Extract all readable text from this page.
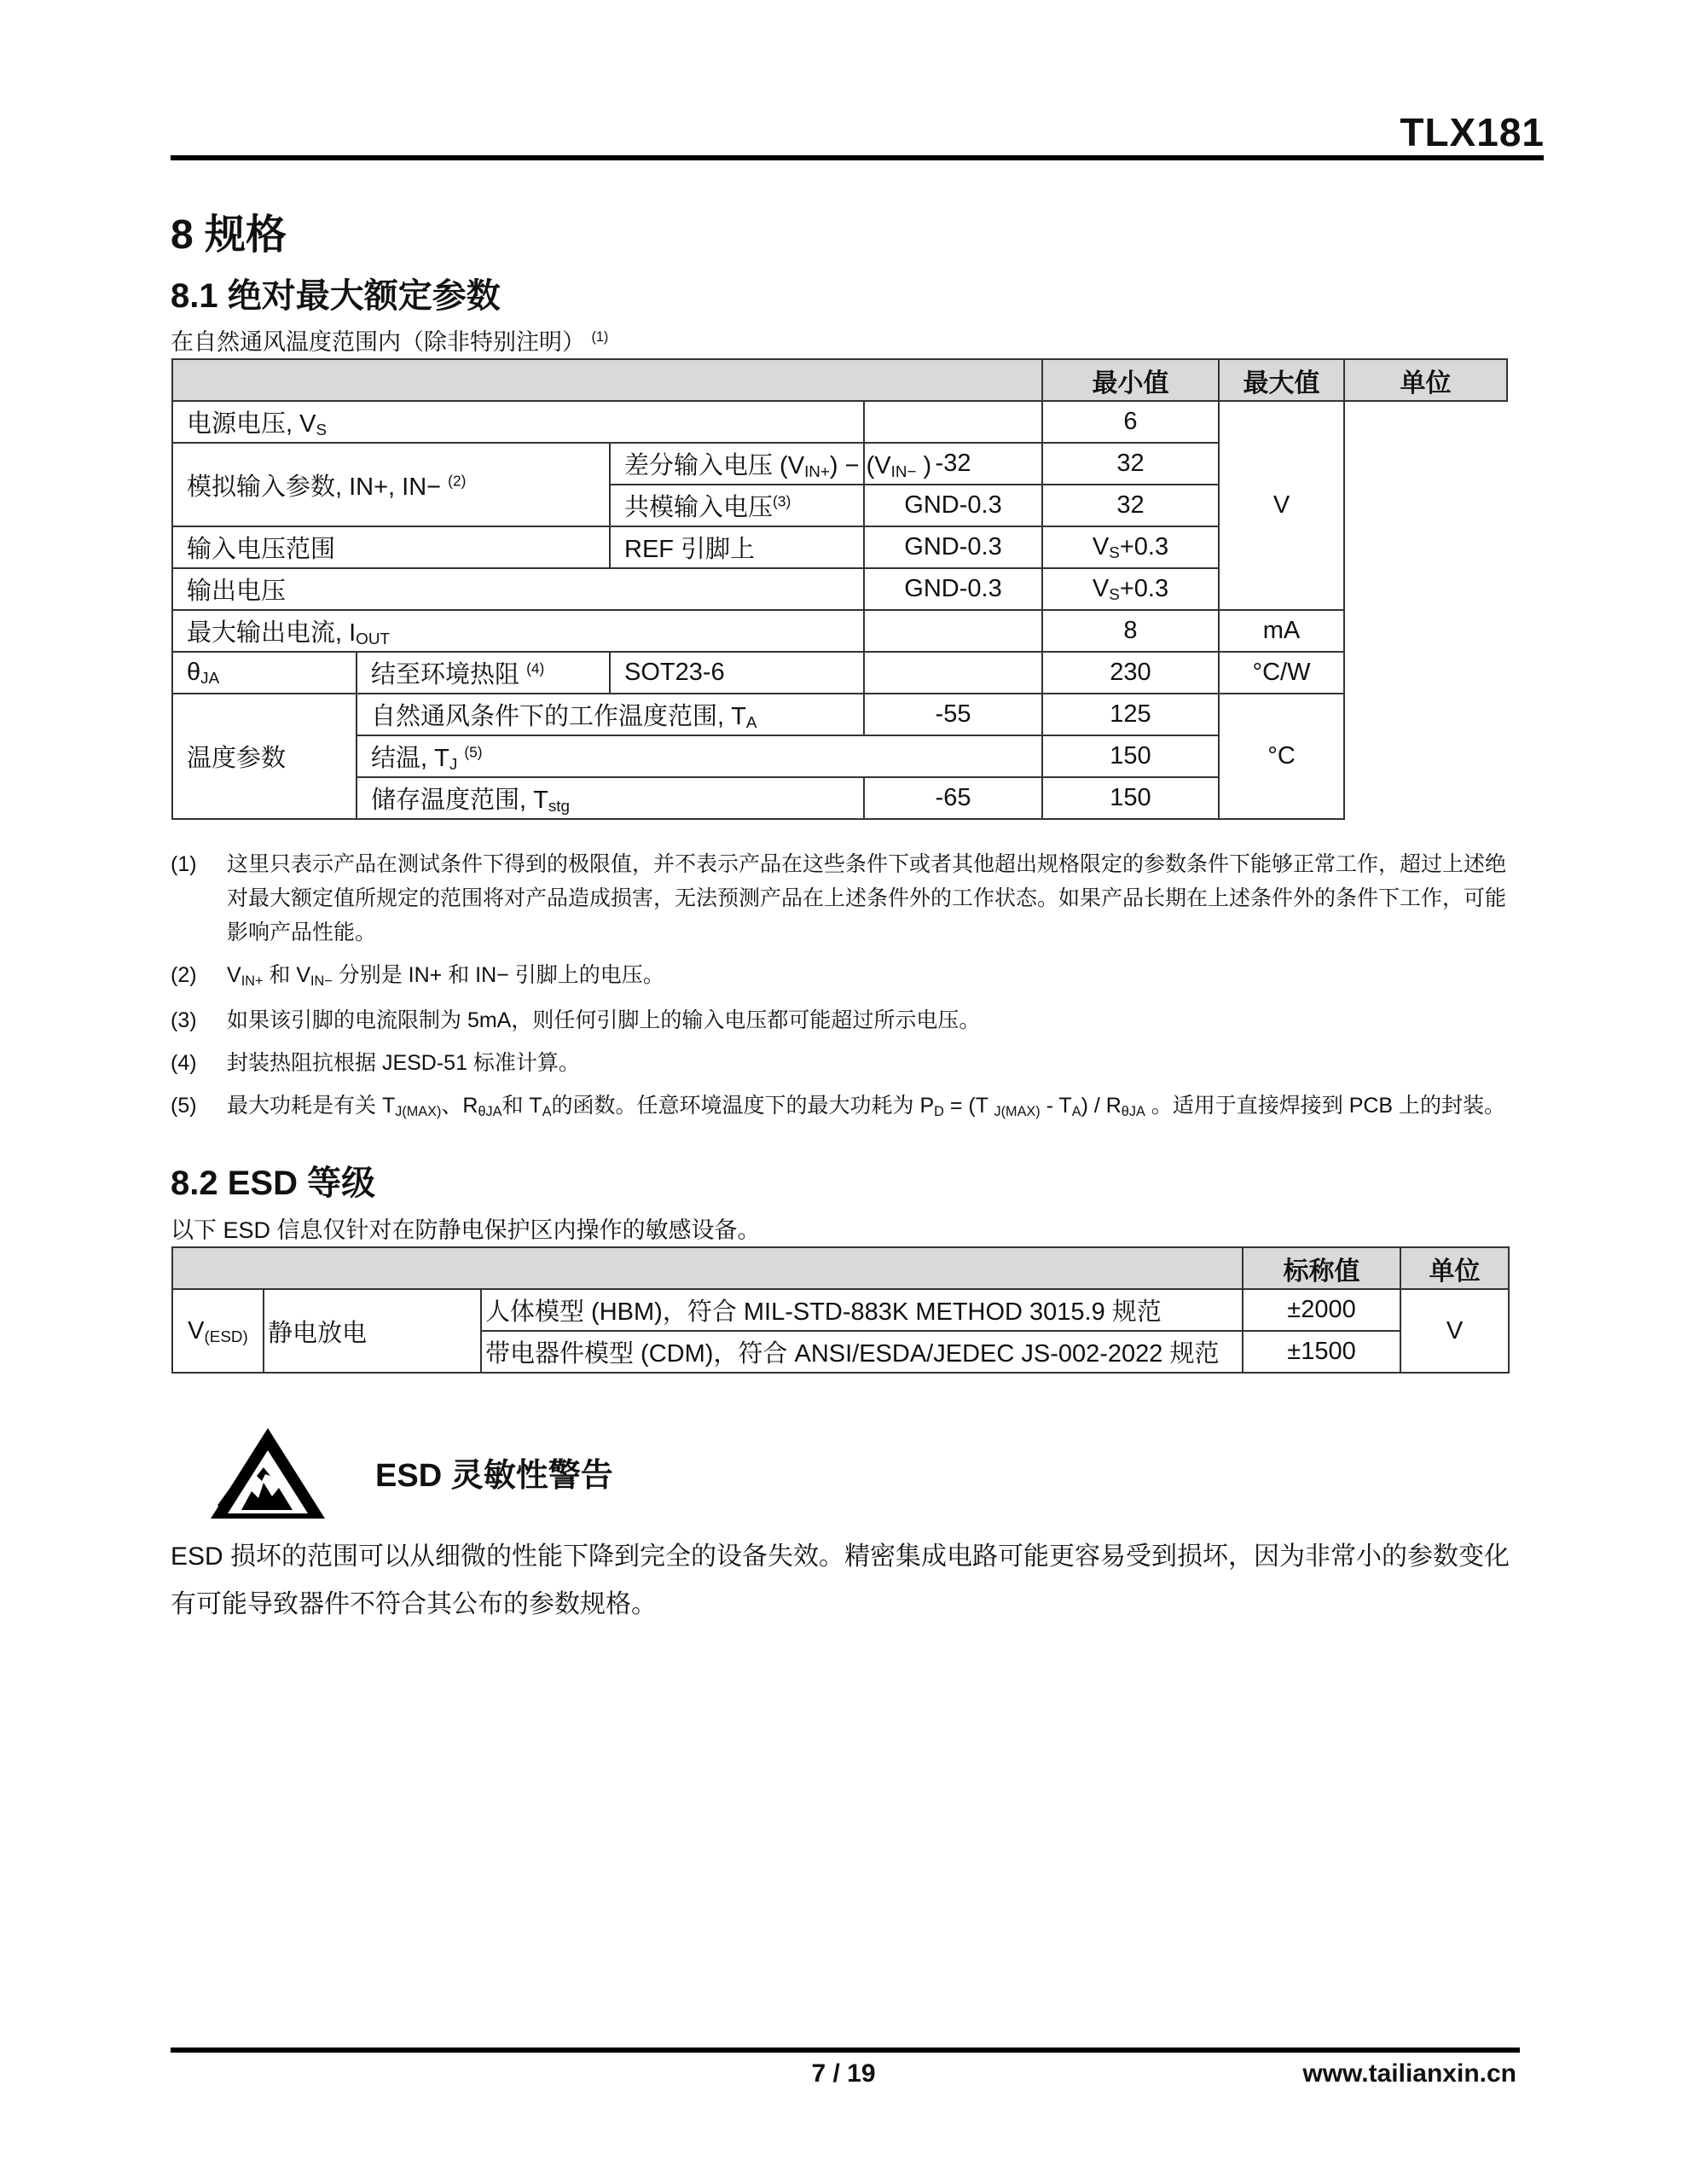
TLX181
8 规格
8.1 绝对最大额定参数
在自然通风温度范围内（除非特别注明） $^{(1)}$
				最小值	最大值	单位
电源电压, $V_S$				6	V	
模拟输入参数, IN+, IN− $^{(2)}$		差分输入电压 $(V_{IN+}) - (V_{IN-}$ )	-32	32		
		共模输入电压$^{(3)}$	GND-0.3	32		
输入电压范围		REF 引脚上	GND-0.3	$V_S+0.3$		
输出电压			GND-0.3	$V_S+0.3$		
最大输出电流, $I_{OUT}$				8	mA	
$\theta_{JA}$	结至环境热阻 $^{(4)}$	SOT23-6		230	°C/W	
温度参数	自然通风条件下的工作温度范围, $T_A$		-55	125	°C	
	结温, $T_J$ $^{(5)}$			150		
	储存温度范围, $T_{stg}$		-65	150		
(1)	这里只表示产品在测试条件下得到的极限值，并不表示产品在这些条件下或者其他超出规格限定的参数条件下能够正常工作，超过上述绝对最大额定值所规定的范围将对产品造成损害，无法预测产品在上述条件外的工作状态。如果产品长期在上述条件外的条件下工作，可能影响产品性能。
(2)	$V_{IN+}$ 和 $V_{IN-}$ 分别是 IN+ 和 IN− 引脚上的电压。
(3)	如果该引脚的电流限制为 5mA，则任何引脚上的输入电压都可能超过所示电压。
(4)	封装热阻抗根据 JESD-51 标准计算。
(5)	最大功耗是有关 $T_{J(MAX)}$、$R_{\theta JA}$和 $T_A$的函数。任意环境温度下的最大功耗为 $P_D = (T$ $_{J(MAX)} - T_A) / R_{\theta JA}$ 。适用于直接焊接到 PCB 上的封装。
8.2 ESD 等级
以下 ESD 信息仅针对在防静电保护区内操作的敏感设备。
			标称值	单位
$V_{(ESD)}$	静电放电	人体模型 (HBM)，符合 MIL-STD-883K METHOD 3015.9 规范	±2000	V
		带电器件模型 (CDM)，符合 ANSI/ESDA/JEDEC JS-002-2022 规范	±1500	
ESD 灵敏性警告
ESD 损坏的范围可以从细微的性能下降到完全的设备失效。精密集成电路可能更容易受到损坏，因为非常小的参数变化有可能导致器件不符合其公布的参数规格。
7 / 19	www.tailianxin.cn
